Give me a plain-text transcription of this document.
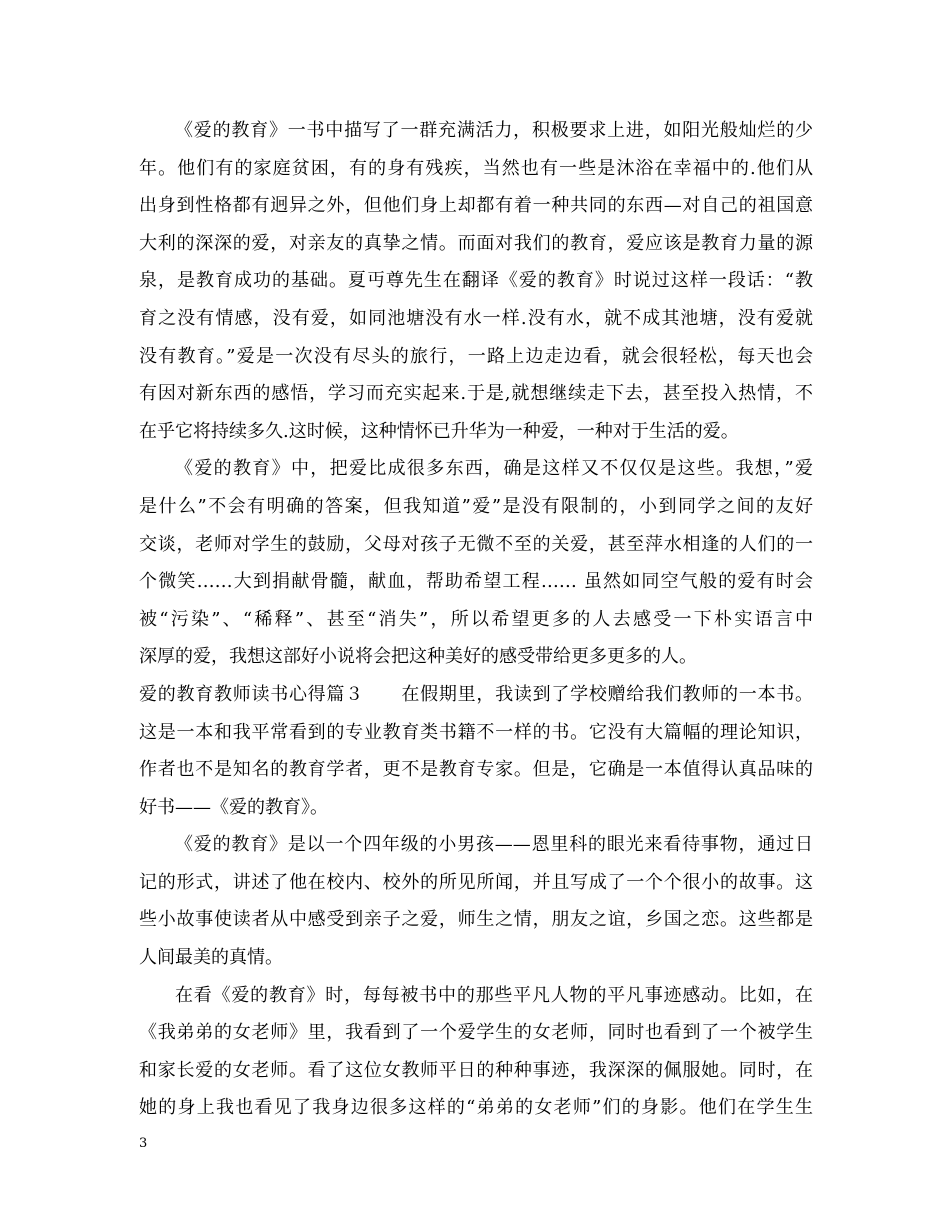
《爱的教育》一书中描写了一群充满活力，积极要求上进，如阳光般灿烂的少
年。他们有的家庭贫困，有的身有残疾，当然也有一些是沐浴在幸福中的.他们从
出身到性格都有迥异之外，但他们身上却都有着一种共同的东西—对自己的祖国意
大利的深深的爱，对亲友的真挚之情。而面对我们的教育，爱应该是教育力量的源
泉，是教育成功的基础。夏丏尊先生在翻译《爱的教育》时说过这样一段话：“教
育之没有情感，没有爱，如同池塘没有水一样.没有水，就不成其池塘，没有爱就
没有教育。”爱是一次没有尽头的旅行，一路上边走边看，就会很轻松，每天也会
有因对新东西的感悟，学习而充实起来.于是,就想继续走下去，甚至投入热情，不
在乎它将持续多久.这时候，这种情怀已升华为一种爱，一种对于生活的爱。
《爱的教育》中，把爱比成很多东西，确是这样又不仅仅是这些。我想，”爱
是什么”不会有明确的答案，但我知道”爱”是没有限制的，小到同学之间的友好
交谈，老师对学生的鼓励，父母对孩子无微不至的关爱，甚至萍水相逢的人们的一
个微笑……大到捐献骨髓，献血，帮助希望工程…… 虽然如同空气般的爱有时会
被“污染”、“稀释”、甚至“消失”，所以希望更多的人去感受一下朴实语言中
深厚的爱，我想这部好小说将会把这种美好的感受带给更多更多的人。
爱的教育教师读书心得篇３　　在假期里，我读到了学校赠给我们教师的一本书。
这是一本和我平常看到的专业教育类书籍不一样的书。它没有大篇幅的理论知识，
作者也不是知名的教育学者，更不是教育专家。但是，它确是一本值得认真品味的
好书——《爱的教育》。
《爱的教育》是以一个四年级的小男孩——恩里科的眼光来看待事物，通过日
记的形式，讲述了他在校内、校外的所见所闻，并且写成了一个个很小的故事。这
些小故事使读者从中感受到亲子之爱，师生之情，朋友之谊，乡国之恋。这些都是
人间最美的真情。
在看《爱的教育》时，每每被书中的那些平凡人物的平凡事迹感动。比如，在
《我弟弟的女老师》里，我看到了一个爱学生的女老师，同时也看到了一个被学生
和家长爱的女老师。看了这位女教师平日的种种事迹，我深深的佩服她。同时，在
她的身上我也看见了我身边很多这样的“弟弟的女老师”们的身影。他们在学生生
3
